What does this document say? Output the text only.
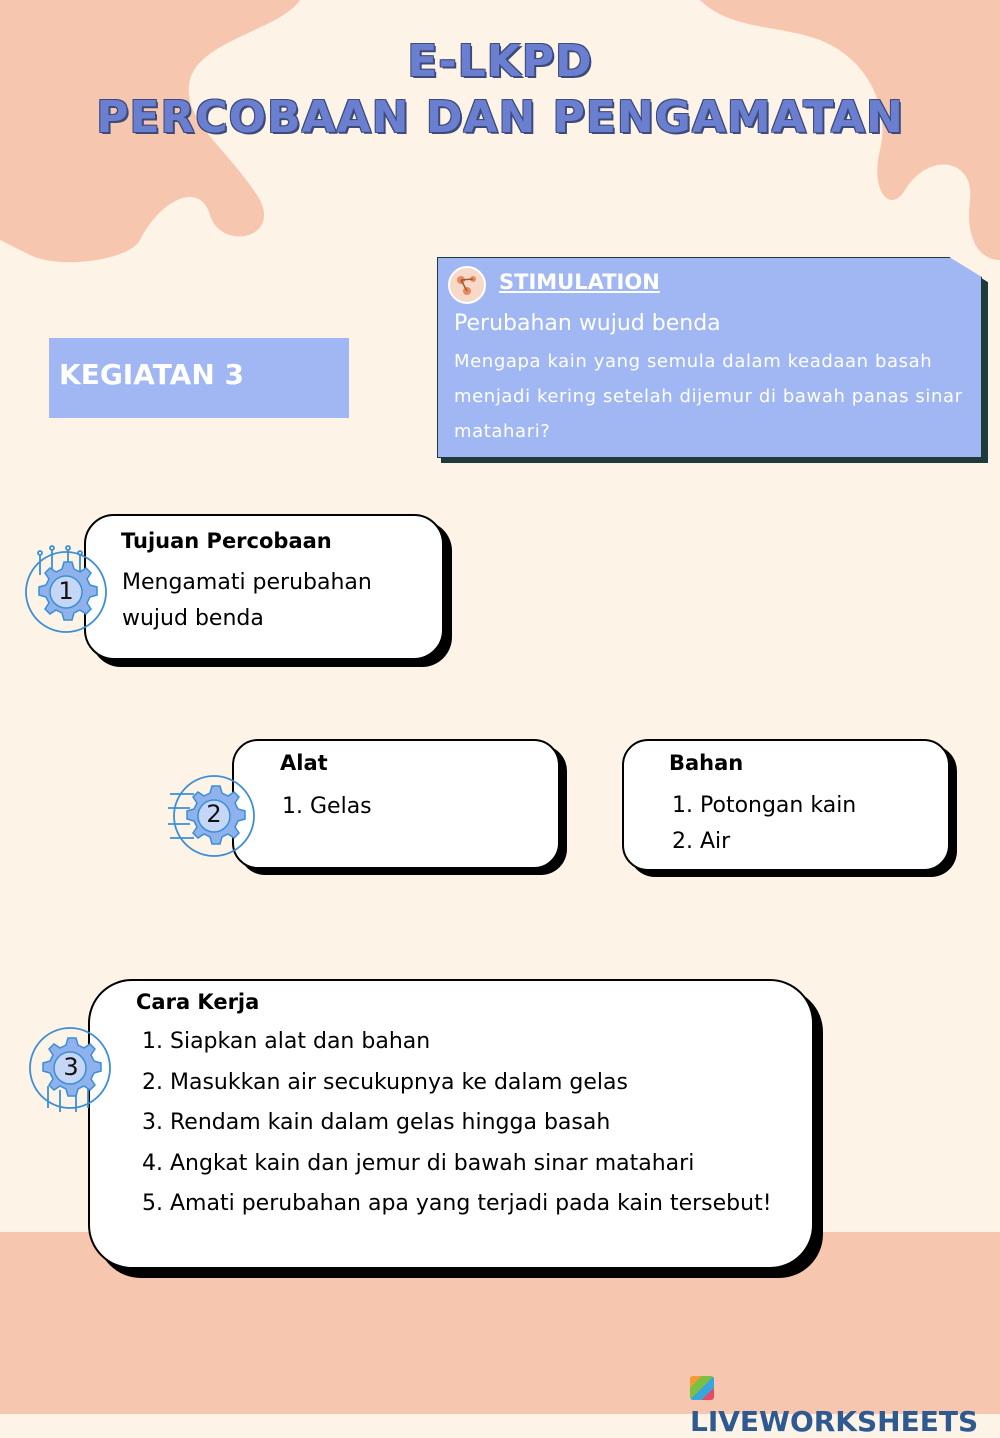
E-LKPD
PERCOBAAN DAN PENGAMATAN
KEGIATAN 3
STIMULATION
Perubahan wujud benda
Mengapa kain yang semula dalam keadaan basah menjadi kering setelah dijemur di bawah panas sinar matahari?
Tujuan Percobaan
Mengamati perubahan wujud benda
1
Alat
1. Gelas
2
Bahan
1. Potongan kain
2. Air
Cara Kerja
1. Siapkan alat dan bahan
2. Masukkan air secukupnya ke dalam gelas
3. Rendam kain dalam gelas hingga basah
4. Angkat kain dan jemur di bawah sinar matahari
5. Amati perubahan apa yang terjadi pada kain tersebut!
3
LIVEWORKSHEETS
